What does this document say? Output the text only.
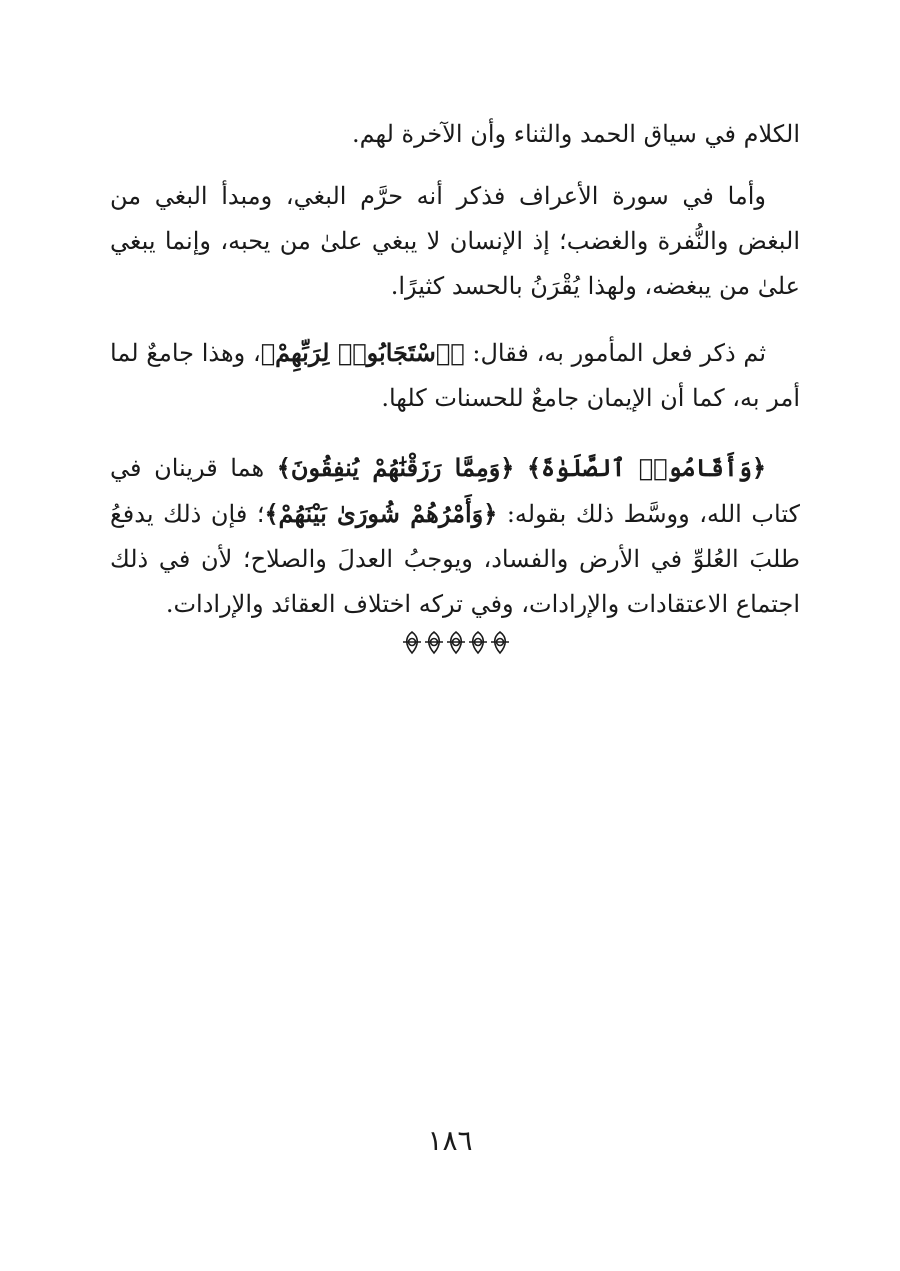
الكلام في سياق الحمد والثناء وأن الآخرة لهم.

وأما في سورة الأعراف فذكر أنه حرَّم البغي، ومبدأ البغي من البغض والنُّفرة والغضب؛ إذ الإنسان لا يبغي علىٰ من يحبه، وإنما يبغي علىٰ من يبغضه، ولهذا يُقْرَنُ بالحسد كثيرًا.

ثم ذكر فعل المأمور به، فقال: ﴿ٱسْتَجَابُوا۟ لِرَبِّهِمْ﴾، وهذا جامعٌ لما أمر به، كما أن الإيمان جامعٌ للحسنات كلها.

﴿وَأَقَامُوا۟ ٱلصَّلَوٰةَ﴾ ﴿وَمِمَّا رَزَقْنَٰهُمْ يُنفِقُونَ﴾ هما قرينان في كتاب الله، ووسَّط ذلك بقوله: ﴿وَأَمْرُهُمْ شُورَىٰ بَيْنَهُمْ﴾؛ فإن ذلك يدفعُ طلبَ العُلوِّ في الأرض والفساد، ويوجبُ العدلَ والصلاح؛ لأن في ذلك اجتماع الاعتقادات والإرادات، وفي تركه اختلاف العقائد والإرادات.

١٨٦
